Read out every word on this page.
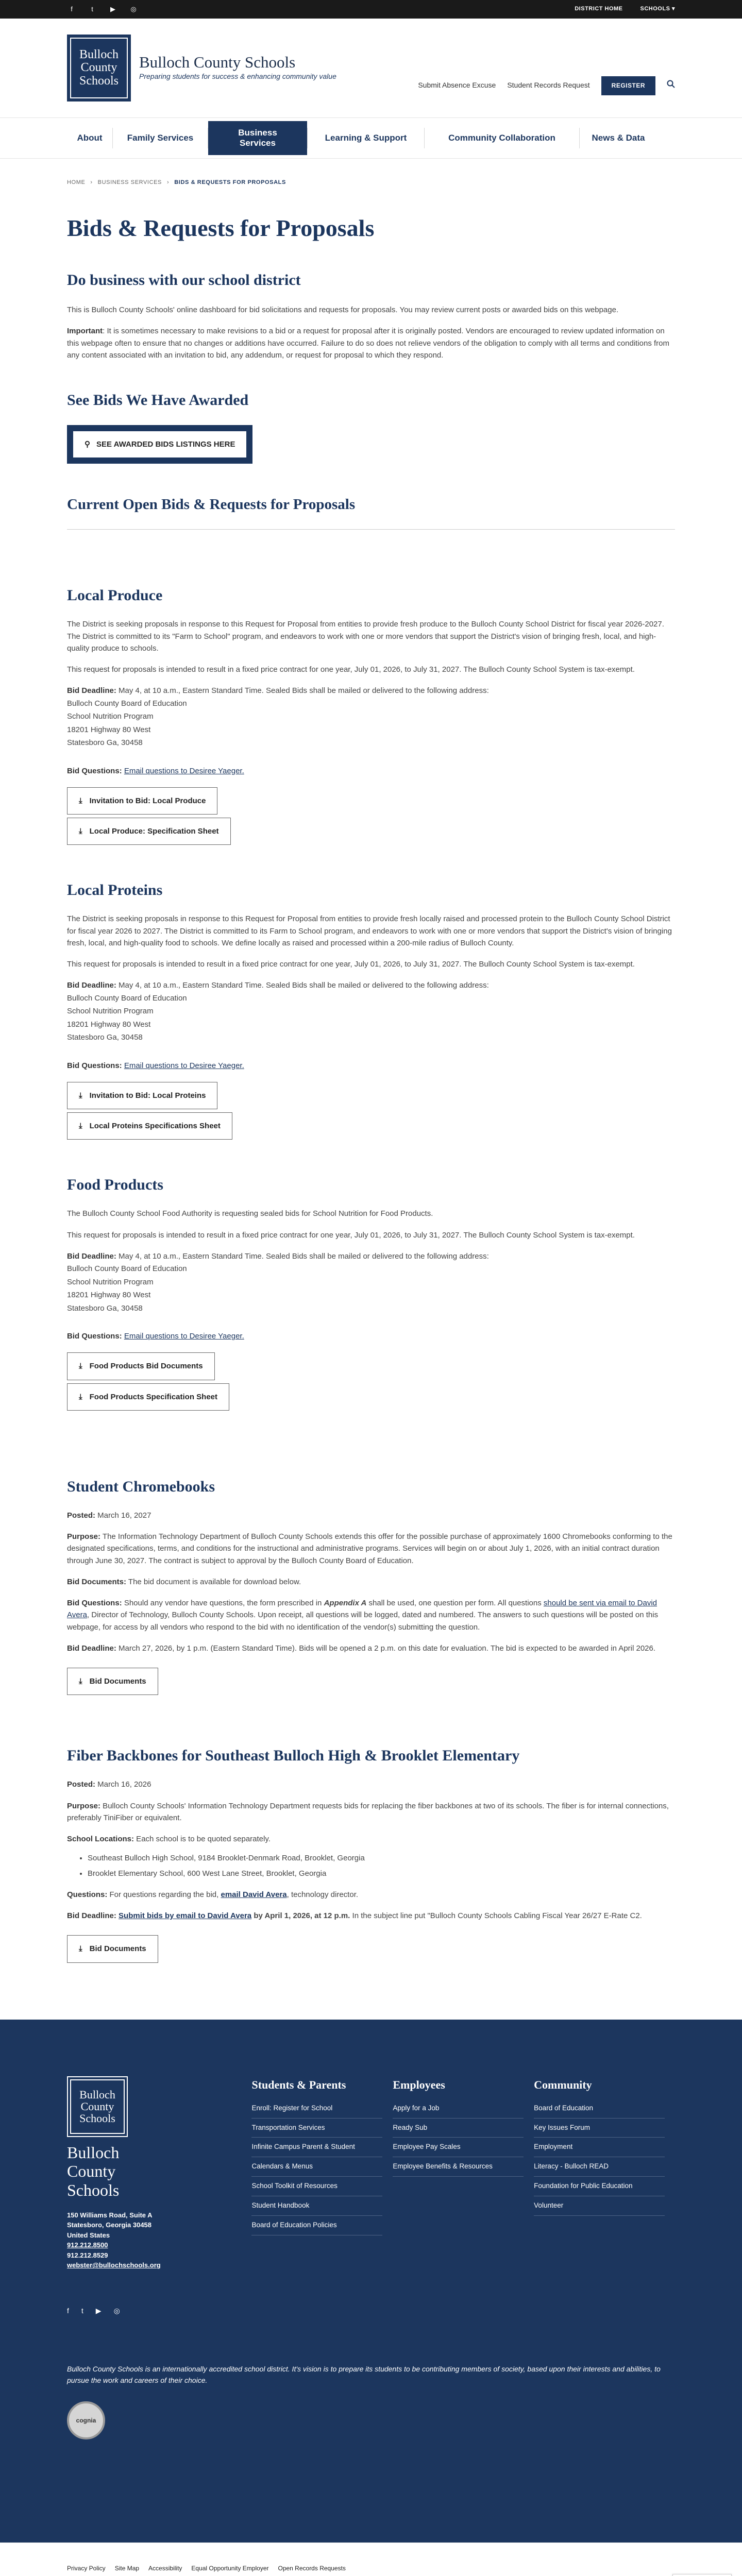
f	t	▶	◎	DISTRICT HOME	SCHOOLS ▾
Bulloch
County
Schools
Bulloch County Schools
Preparing students for success & enhancing community value
Submit Absence Excuse Student Records Request	REGISTER
About	Family Services
Business Services
Learning & Support	Community Collaboration	News & Data
HOME › BUSINESS SERVICES › BIDS & REQUESTS FOR PROPOSALS
Bids & Requests for Proposals
Do business with our school district

This is Bulloch County Schools' online dashboard for bid solicitations and requests for proposals. You may review current posts or awarded bids on this webpage.

Important: It is sometimes necessary to make revisions to a bid or a request for proposal after it is originally posted. Vendors are encouraged to review updated information on this webpage often to ensure that no changes or additions have occurred. Failure to do so does not relieve vendors of the obligation to comply with all terms and conditions from any content associated with an invitation to bid, any addendum, or request for proposal to which they respond.

See Bids We Have Awarded
⚲ SEE AWARDED BIDS LISTINGS HERE
Current Open Bids & Requests for Proposals
Local Produce

The District is seeking proposals in response to this Request for Proposal from entities to provide fresh produce to the Bulloch County School District for fiscal year 2026-2027. The District is committed to its "Farm to School" program, and endeavors to work with one or more vendors that support the District's vision of bringing fresh, local, and high-quality produce to schools.

This request for proposals is intended to result in a fixed price contract for one year, July 01, 2026, to July 31, 2027. The Bulloch County School System is tax-exempt.

Bid Deadline: May 4, at 10 a.m., Eastern Standard Time. Sealed Bids shall be mailed or delivered to the following address:

Bulloch County Board of Education
School Nutrition Program
18201 Highway 80 West
Statesboro Ga, 30458

Bid Questions: Email questions to Desiree Yaeger.

⤓ Invitation to Bid: Local Produce
⤓ Local Produce: Specification Sheet
Local Proteins

The District is seeking proposals in response to this Request for Proposal from entities to provide fresh locally raised and processed protein to the Bulloch County School District for fiscal year 2026 to 2027. The District is committed to its Farm to School program, and endeavors to work with one or more vendors that support the District's vision of bringing fresh, local, and high-quality food to schools. We define locally as raised and processed within a 200-mile radius of Bulloch County.

This request for proposals is intended to result in a fixed price contract for one year, July 01, 2026, to July 31, 2027. The Bulloch County School System is tax-exempt.

Bid Deadline: May 4, at 10 a.m., Eastern Standard Time. Sealed Bids shall be mailed or delivered to the following address:

Bulloch County Board of Education
School Nutrition Program
18201 Highway 80 West
Statesboro Ga, 30458

Bid Questions: Email questions to Desiree Yaeger.

⤓ Invitation to Bid: Local Proteins
⤓ Local Proteins Specifications Sheet
Food Products

The Bulloch County School Food Authority is requesting sealed bids for School Nutrition for Food Products.

This request for proposals is intended to result in a fixed price contract for one year, July 01, 2026, to July 31, 2027. The Bulloch County School System is tax-exempt.

Bid Deadline: May 4, at 10 a.m., Eastern Standard Time. Sealed Bids shall be mailed or delivered to the following address:

Bulloch County Board of Education
School Nutrition Program
18201 Highway 80 West
Statesboro Ga, 30458

Bid Questions: Email questions to Desiree Yaeger.

⤓ Food Products Bid Documents
⤓ Food Products Specification Sheet
Student Chromebooks

Posted: March 16, 2027

Purpose: The Information Technology Department of Bulloch County Schools extends this offer for the possible purchase of approximately 1600 Chromebooks conforming to the designated specifications, terms, and conditions for the instructional and administrative programs. Services will begin on or about July 1, 2026, with an initial contract duration through June 30, 2027. The contract is subject to approval by the Bulloch County Board of Education.

Bid Documents: The bid document is available for download below.

Bid Questions: Should any vendor have questions, the form prescribed in Appendix A shall be used, one question per form. All questions should be sent via email to David Avera, Director of Technology, Bulloch County Schools. Upon receipt, all questions will be logged, dated and numbered. The answers to such questions will be posted on this webpage, for access by all vendors who respond to the bid with no identification of the vendor(s) submitting the question.

Bid Deadline: March 27, 2026, by 1 p.m. (Eastern Standard Time). Bids will be opened a 2 p.m. on this date for evaluation. The bid is expected to be awarded in April 2026.

⤓ Bid Documents
Fiber Backbones for Southeast Bulloch High & Brooklet Elementary

Posted: March 16, 2026

Purpose: Bulloch County Schools' Information Technology Department requests bids for replacing the fiber backbones at two of its schools. The fiber is for internal connections, preferably TiniFiber or equivalent.

School Locations: Each school is to be quoted separately.

• Southeast Bulloch High School, 9184 Brooklet-Denmark Road, Brooklet, Georgia
• Brooklet Elementary School, 600 West Lane Street, Brooklet, Georgia

Questions: For questions regarding the bid, email David Avera, technology director.

Bid Deadline: Submit bids by email to David Avera by April 1, 2026, at 12 p.m. In the subject line put "Bulloch County Schools Cabling Fiscal Year 26/27 E-Rate C2.

⤓ Bid Documents
Bulloch
County
Schools
Bulloch County Schools
150 Williams Road, Suite A
Statesboro, Georgia 30458
United States
912.212.8500
912.212.8529
webster@bullochschools.org
f t ▶ ◎
Students & Parents
Enroll: Register for School
Transportation Services
Infinite Campus Parent & Student
Calendars & Menus
School Toolkit of Resources
Student Handbook
Board of Education Policies
Employees
Apply for a Job
Ready Sub
Employee Pay Scales
Employee Benefits & Resources
Community
Board of Education
Key Issues Forum
Employment
Literacy - Bulloch READ
Foundation for Public Education
Volunteer
Bulloch County Schools is an internationally accredited school district. It's vision is to prepare its students to be contributing members of society, based upon their interests and abilities, to pursue the work and careers of their choice.
cognia
Privacy Policy Site Map Accessibility Equal Opportunity Employer Open Records Requests
